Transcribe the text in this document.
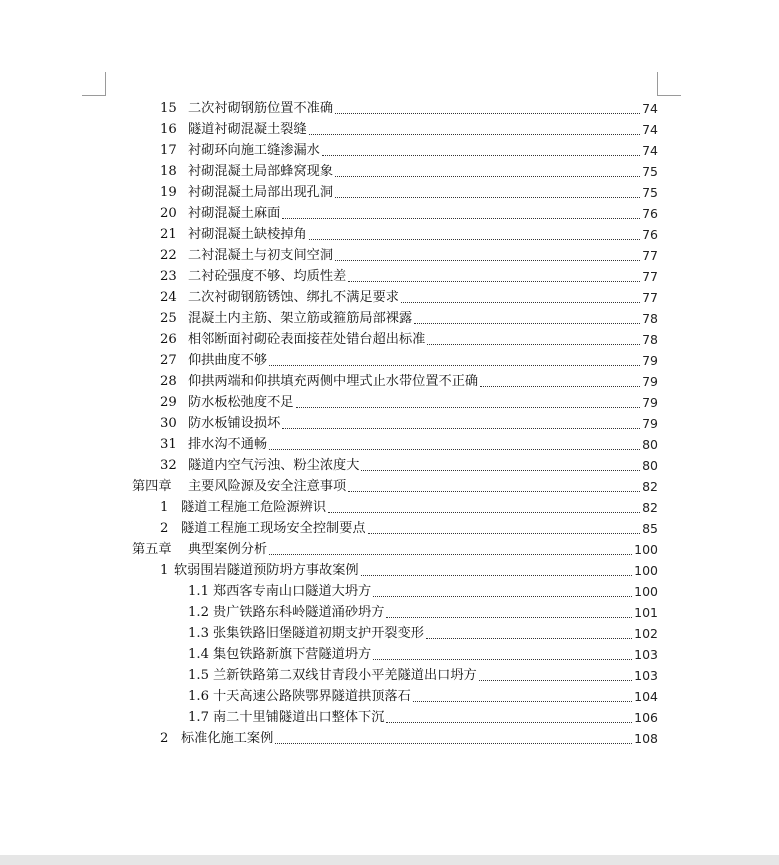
15 二次衬砌钢筋位置不准确	74
16 隧道衬砌混凝土裂缝	74
17 衬砌环向施工缝渗漏水	74
18 衬砌混凝土局部蜂窝现象	75
19 衬砌混凝土局部出现孔洞	75
20 衬砌混凝土麻面	76
21 衬砌混凝土缺棱掉角	76
22 二衬混凝土与初支间空洞	77
23 二衬砼强度不够、均质性差	77
24 二次衬砌钢筋锈蚀、绑扎不满足要求	77
25 混凝土内主筋、架立筋或箍筋局部裸露	78
26 相邻断面衬砌砼表面接茬处错台超出标准	78
27 仰拱曲度不够	79
28 仰拱两端和仰拱填充两侧中埋式止水带位置不正确	79
29 防水板松弛度不足	79
30 防水板铺设损坏	79
31 排水沟不通畅	80
32 隧道内空气污浊、粉尘浓度大	80
第四章	主要风险源及安全注意事项	82
1 隧道工程施工危险源辨识	82
2 隧道工程施工现场安全控制要点	85
第五章	典型案例分析	100
1 软弱围岩隧道预防坍方事故案例	100
1.1 郑西客专南山口隧道大坍方	100
1.2 贵广铁路东科岭隧道涌砂坍方	101
1.3 张集铁路旧堡隧道初期支护开裂变形	102
1.4 集包铁路新旗下营隧道坍方	103
1.5 兰新铁路第二双线甘青段小平羌隧道出口坍方	103
1.6 十天高速公路陕鄂界隧道拱顶落石	104
1.7 南二十里铺隧道出口整体下沉	106
2 标准化施工案例	108
